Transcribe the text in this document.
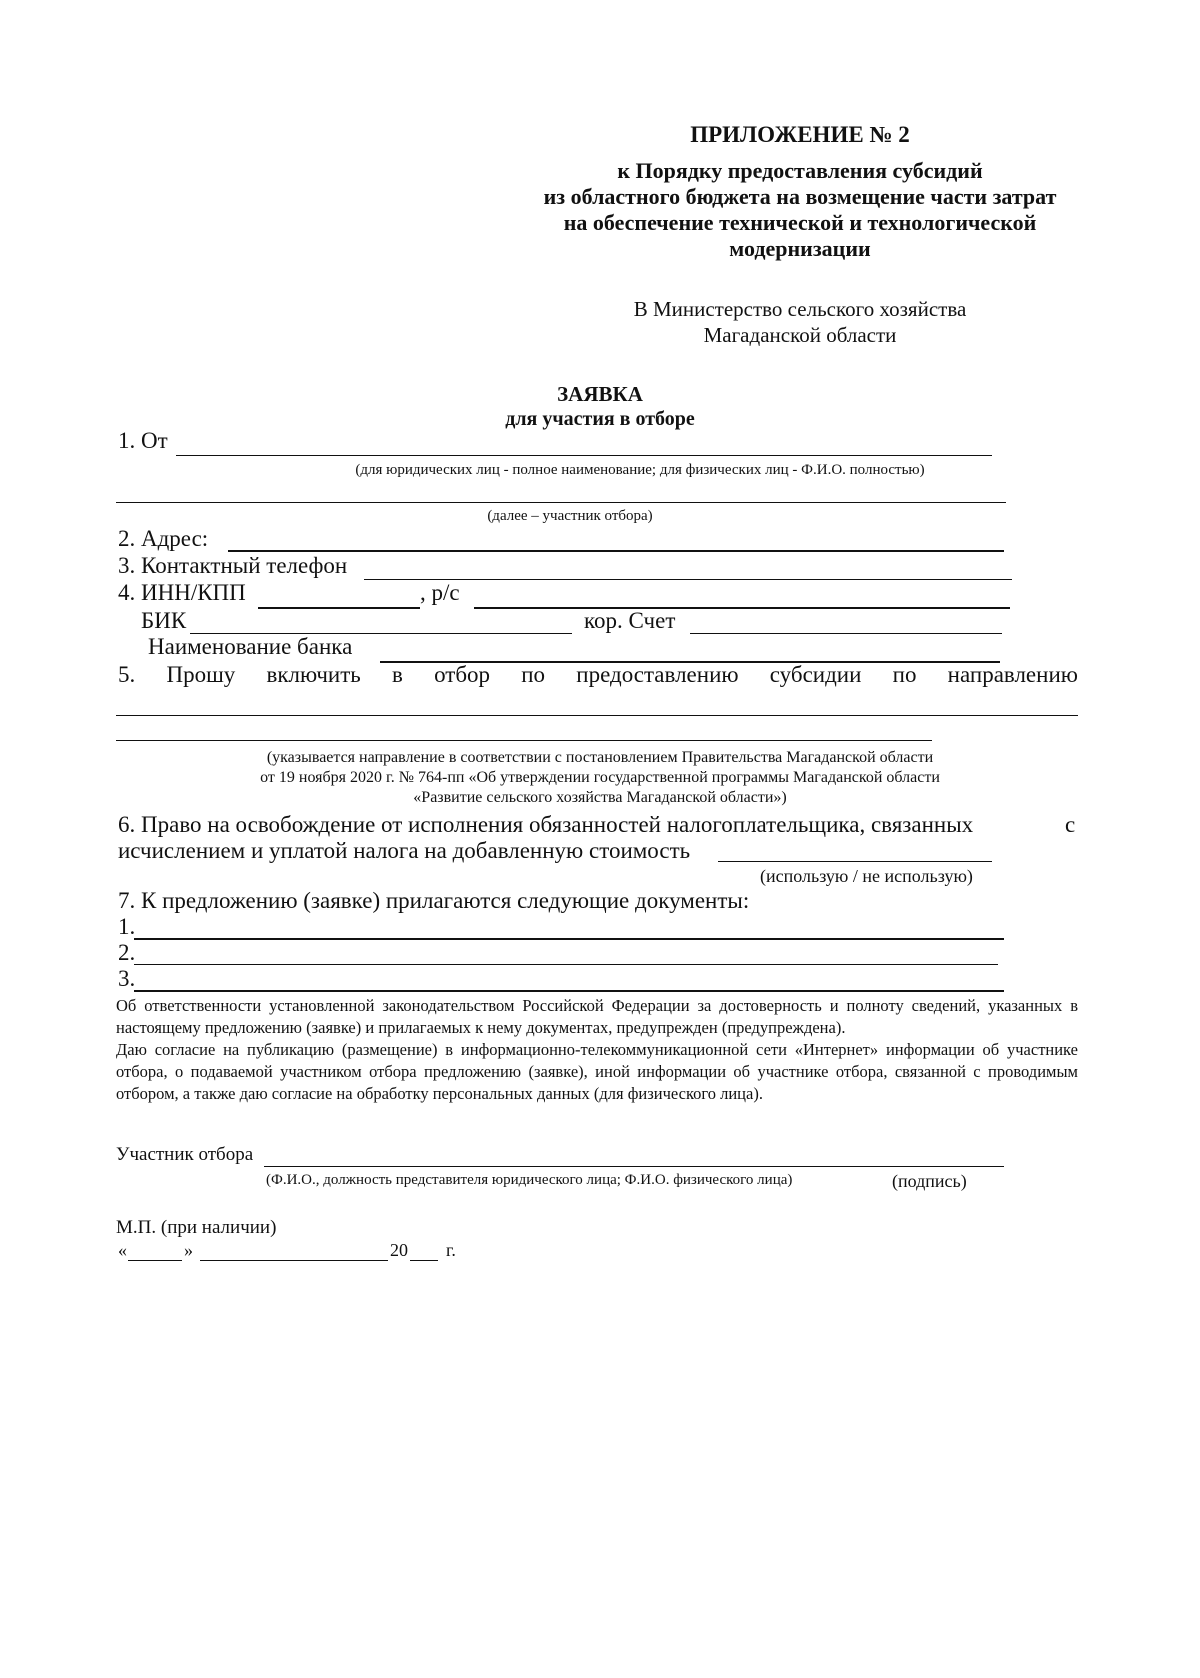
ПРИЛОЖЕНИЕ № 2
к Порядку предоставления субсидий
из областного бюджета на возмещение части затрат
на обеспечение технической и технологической
модернизации
В Министерство сельского хозяйства
Магаданской области
ЗАЯВКА
для участия в отборе
1. От
(для юридических лиц - полное наименование; для физических лиц - Ф.И.О. полностью)
(далее – участник отбора)
2. Адрес:
3. Контактный телефон
4. ИНН/КПП	, р/с
БИК	кор. Счет
Наименование банка
5. Прошу включить в отбор по предоставлению субсидии по направлению
(указывается направление в соответствии с постановлением Правительства Магаданской области
от 19 ноября 2020 г. № 764-пп «Об утверждении государственной программы Магаданской области
«Развитие сельского хозяйства Магаданской области»)
6. Право на освобождение от исполнения обязанностей налогоплательщика, связанных	с
исчислением и уплатой налога на добавленную стоимость
(использую / не использую)
7. К предложению (заявке) прилагаются следующие документы:
1.
2.
3.
Об ответственности установленной законодательством Российской Федерации за достоверность и полноту сведений, указанных в настоящему предложению (заявке) и прилагаемых к нему документах, предупрежден (предупреждена).
Даю согласие на публикацию (размещение) в информационно-телекоммуникационной сети «Интернет» информации об участнике отбора, о подаваемой участником отбора предложению (заявке), иной информации об участнике отбора, связанной с проводимым отбором, а также даю согласие на обработку персональных данных (для физического лица).
Участник отбора
(Ф.И.О., должность представителя юридического лица; Ф.И.О. физического лица)	(подпись)
М.П. (при наличии)
«	»	20 г.
